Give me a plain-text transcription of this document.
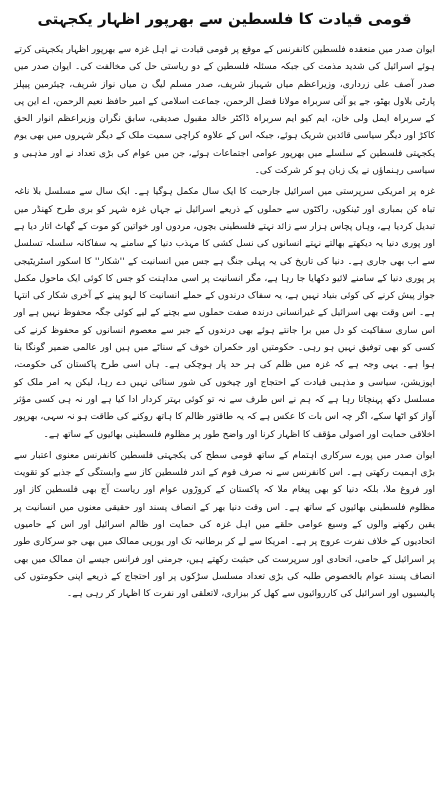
قومی قیادت کا فلسطین سے بھرپور اظہار یکجہتی

ایوان صدر میں منعقدہ فلسطین کانفرنس کے موقع پر قومی قیادت نے اہل غزہ سے بھرپور اظہار یکجہتی کرتے ہوئے اسرائیل کی شدید مذمت کی جبکہ مسئلہ فلسطین کے دو ریاستی حل کی مخالفت کی۔ ایوان صدر میں صدر آصف علی زرداری، وزیراعظم میاں شہباز شریف، صدر مسلم لیگ ن میاں نواز شریف، چیئرمین پیپلز پارٹی بلاول بھٹو، جے یو آئی سربراہ مولانا فضل الرحمن، جماعت اسلامی کے امیر حافظ نعیم الرحمن، اے این پی کے سربراہ ایمل ولی خان، ایم کیو ایم سربراہ ڈاکٹر خالد مقبول صدیقی، سابق نگران وزیراعظم انوار الحق کاکڑ اور دیگر سیاسی قائدین شریک ہوئے، جبکہ اس کے علاوہ کراچی سمیت ملک کے دیگر شہروں میں بھی یوم یکجہتی فلسطین کے سلسلے میں بھرپور عوامی اجتماعات ہوئے، جن میں عوام کی بڑی تعداد نے اور مذہبی و سیاسی رہنماؤں نے یک زبان ہو کر شرکت کی۔

غزہ پر امریکی سرپرستی میں اسرائیل جارحیت کا ایک سال مکمل ہوگیا ہے۔ ایک سال سے مسلسل بلا ناغہ تباہ کن بمباری اور ٹینکوں، راکٹوں سے حملوں کے ذریعے اسرائیل نے جہاں غزہ شہر کو بری طرح کھنڈر میں تبدیل کردیا ہے، وہاں پچاس ہزار سے زائد نہتے فلسطینی بچوں، مردوں اور خواتین کو موت کے گھاٹ اتار دیا ہے اور پوری دنیا یہ دیکھتے بھالتے نہتے انسانوں کی نسل کشی کا مہذب دنیا کے سامنے یہ سفاکانہ سلسلہ تسلسل سے اب بھی جاری ہے۔ دنیا کی تاریخ کی یہ پہلی جنگ ہے جس میں انسانیت کے ''شکار'' کا اسکور اسٹریٹیجی پر پوری دنیا کے سامنے لائیو دکھایا جا رہا ہے، مگر انسانیت پر اسی مداہنت کو جس کا کوئی ایک ماحول مکمل جواز پیش کرنے کی کوئی بنیاد نہیں ہے، یہ سفاک درندوں کے حملے انسانیت کا لہو پینے کے آخری شکار کی انتہا ہے۔ اس وقت بھی اسرائیل کے غیرانسانی درندہ صفت حملوں سے بچنے کے لیے کوئی جگہ محفوظ نہیں ہے اور اس ساری سفاکیت کو دل میں برا جانتے ہوئے بھی درندوں کے جبر سے معصوم انسانوں کو محفوظ کرنے کی کسی کو بھی توفیق نہیں ہو رہی۔ حکومتیں اور حکمران خوف کے سناٹے میں ہیں اور عالمی ضمیر گونگا بنا ہوا ہے۔ یہی وجہ ہے کہ غزہ میں ظلم کی ہر حد پار ہوچکی ہے۔ ہاں اسی طرح پاکستان کی حکومت، اپوزیشن، سیاسی و مذہبی قیادت کے احتجاج اور چیخوں کی شور سنائی نہیں دے رہا، لیکن یہ امر ملک کو مسلسل دکھ پہنچاتا رہا ہے کہ ہم نے اس طرف سے نہ تو کوئی بہتر کردار ادا کیا ہے اور نہ ہی کسی مؤثر آواز کو اٹھا سکے، اگر چہ اس بات کا عکس ہے کہ یہ طاقتور ظالم کا ہاتھ روکنے کی طاقت ہو نہ سہی، بھرپور اخلاقی حمایت اور اصولی مؤقف کا اظہار کرنا اور واضح طور پر مظلوم فلسطینی بھائیوں کے ساتھ ہے۔

ایوان صدر میں پورے سرکاری اہتمام کے ساتھ قومی سطح کی یکجہتی فلسطین کانفرنس معنوی اعتبار سے بڑی اہمیت رکھتی ہے۔ اس کانفرنس سے نہ صرف قوم کے اندر فلسطین کاز سے وابستگی کے جذبے کو تقویت اور فروغ ملا، بلکہ دنیا کو بھی پیغام ملا کہ پاکستان کے کروڑوں عوام اور ریاست آج بھی فلسطین کاز اور مظلوم فلسطینی بھائیوں کے ساتھ ہے۔ اس وقت دنیا بھر کے انصاف پسند اور حقیقی معنوں میں انسانیت پر یقین رکھنے والوں کے وسیع عوامی حلقے میں اہل غزہ کی حمایت اور ظالم اسرائیل اور اس کے حامیوں اتحادیوں کے خلاف نفرت عروج پر ہے۔ امریکا سے لے کر برطانیہ تک اور یورپی ممالک میں بھی جو سرکاری طور پر اسرائیل کے حامی، اتحادی اور سرپرست کی حیثیت رکھتے ہیں، جرمنی اور فرانس جیسے ان ممالک میں بھی انصاف پسند عوام بالخصوص طلبہ کی بڑی تعداد مسلسل سڑکوں پر اور احتجاج کے ذریعے اپنی حکومتوں کی پالیسیوں اور اسرائیل کی کارروائیوں سے کھل کر بیزاری، لاتعلقی اور نفرت کا اظہار کر رہی ہے۔
